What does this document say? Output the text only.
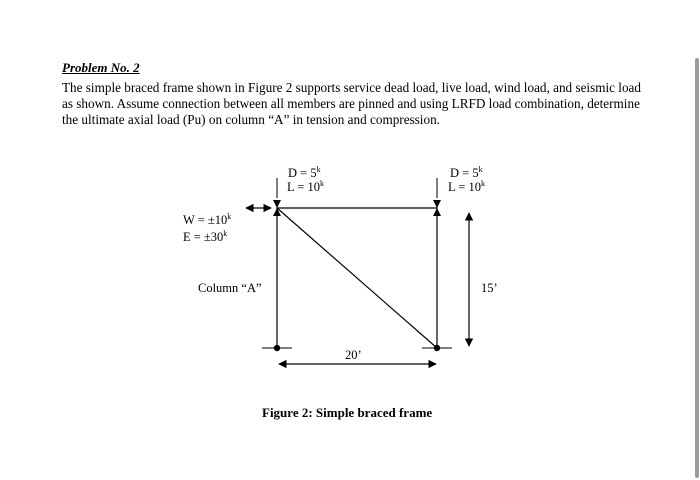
Problem No. 2

The simple braced frame shown in Figure 2 supports service dead load, live load, wind load, and seismic load as shown. Assume connection between all members are pinned and using LRFD load combination, determine the ultimate axial load (Pu) on column “A” in tension and compression.

$D = 5^k$
$L = 10^k$
$D = 5^k$
$L = 10^k$
$W = \pm 10^k$
$E = \pm 30^k$
Column “A”	15’
20’

Figure 2: Simple braced frame
